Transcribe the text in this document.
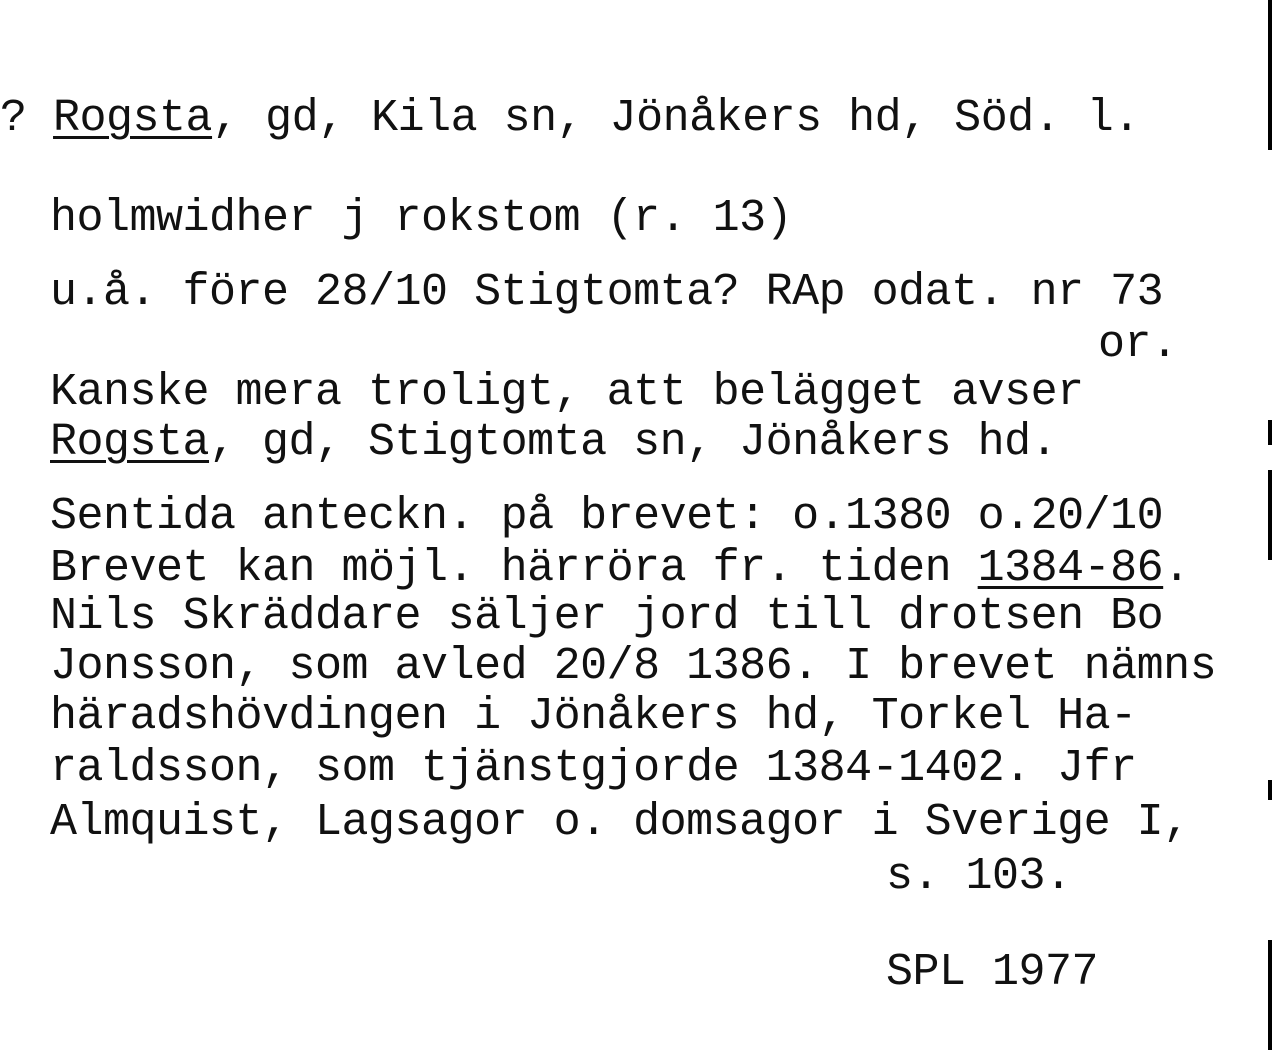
? Rogsta, gd, Kila sn, Jönåkers hd, Söd. l.
holmwidher j rokstom (r. 13)
u.å. före 28/10 Stigtomta? RAp odat. nr 73
or.
Kanske mera troligt, att belägget avser
Rogsta, gd, Stigtomta sn, Jönåkers hd.
Sentida anteckn. på brevet: o.1380 o.20/10
Brevet kan möjl. härröra fr. tiden 1384-86.
Nils Skräddare säljer jord till drotsen Bo
Jonsson, som avled 20/8 1386. I brevet nämns
häradshövdingen i Jönåkers hd, Torkel Ha-
raldsson, som tjänstgjorde 1384-1402. Jfr
Almquist, Lagsagor o. domsagor i Sverige I,
s. 103.
SPL 1977
